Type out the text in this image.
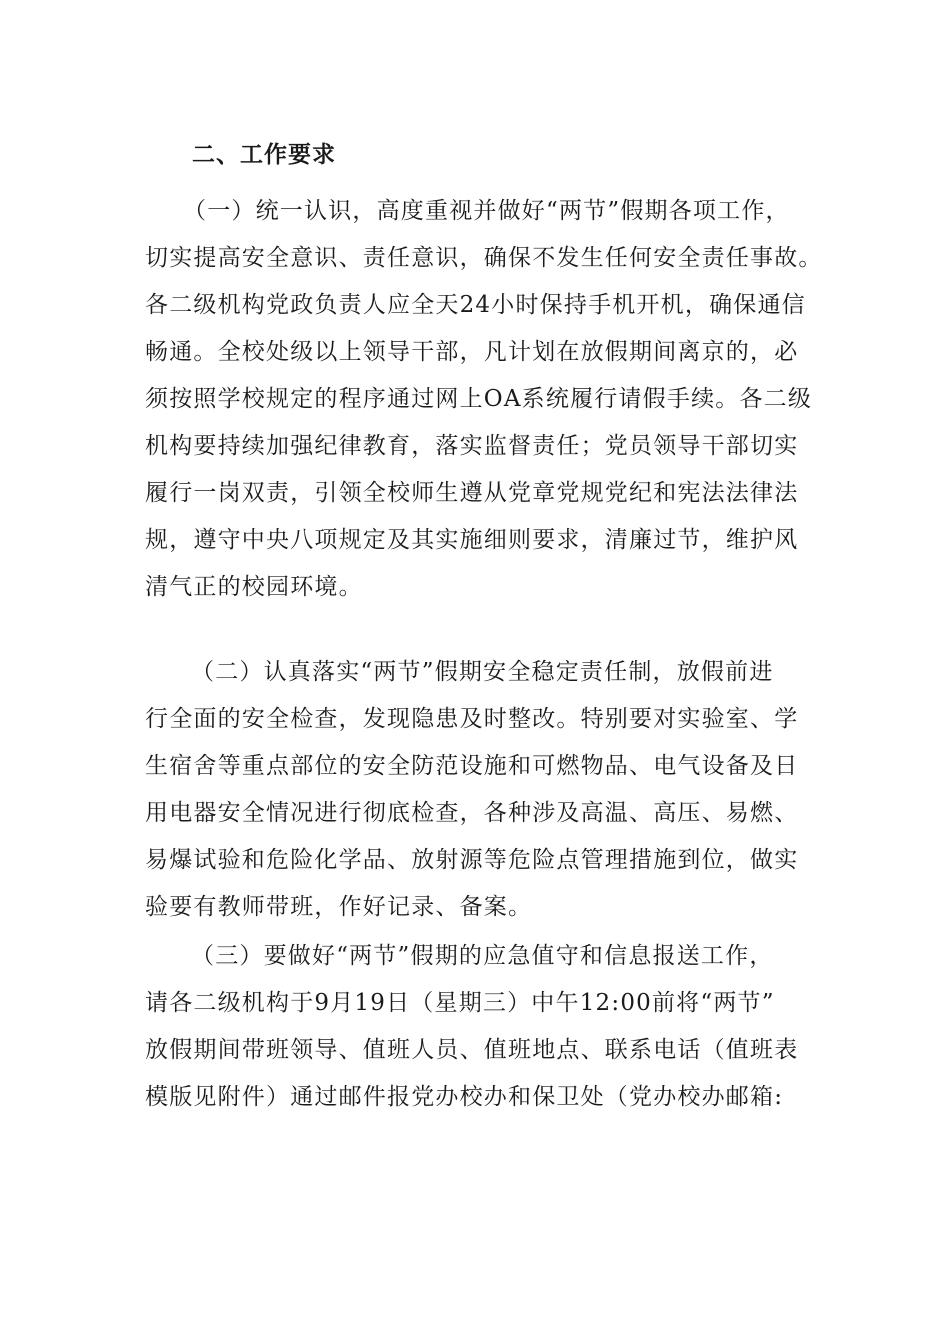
二、工作要求
（一）统一认识，高度重视并做好“两节”假期各项工作，
切实提高安全意识、责任意识，确保不发生任何安全责任事故。
各二级机构党政负责人应全天24小时保持手机开机，确保通信
畅通。全校处级以上领导干部，凡计划在放假期间离京的，必
须按照学校规定的程序通过网上OA系统履行请假手续。各二级
机构要持续加强纪律教育，落实监督责任；党员领导干部切实
履行一岗双责，引领全校师生遵从党章党规党纪和宪法法律法
规，遵守中央八项规定及其实施细则要求，清廉过节，维护风
清气正的校园环境。
（二）认真落实“两节”假期安全稳定责任制，放假前进
行全面的安全检查，发现隐患及时整改。特别要对实验室、学
生宿舍等重点部位的安全防范设施和可燃物品、电气设备及日
用电器安全情况进行彻底检查，各种涉及高温、高压、易燃、
易爆试验和危险化学品、放射源等危险点管理措施到位，做实
验要有教师带班，作好记录、备案。
（三）要做好“两节”假期的应急值守和信息报送工作，
请各二级机构于9月19日（星期三）中午12:00前将“两节”
放假期间带班领导、值班人员、值班地点、联系电话（值班表
模版见附件）通过邮件报党办校办和保卫处（党办校办邮箱:
